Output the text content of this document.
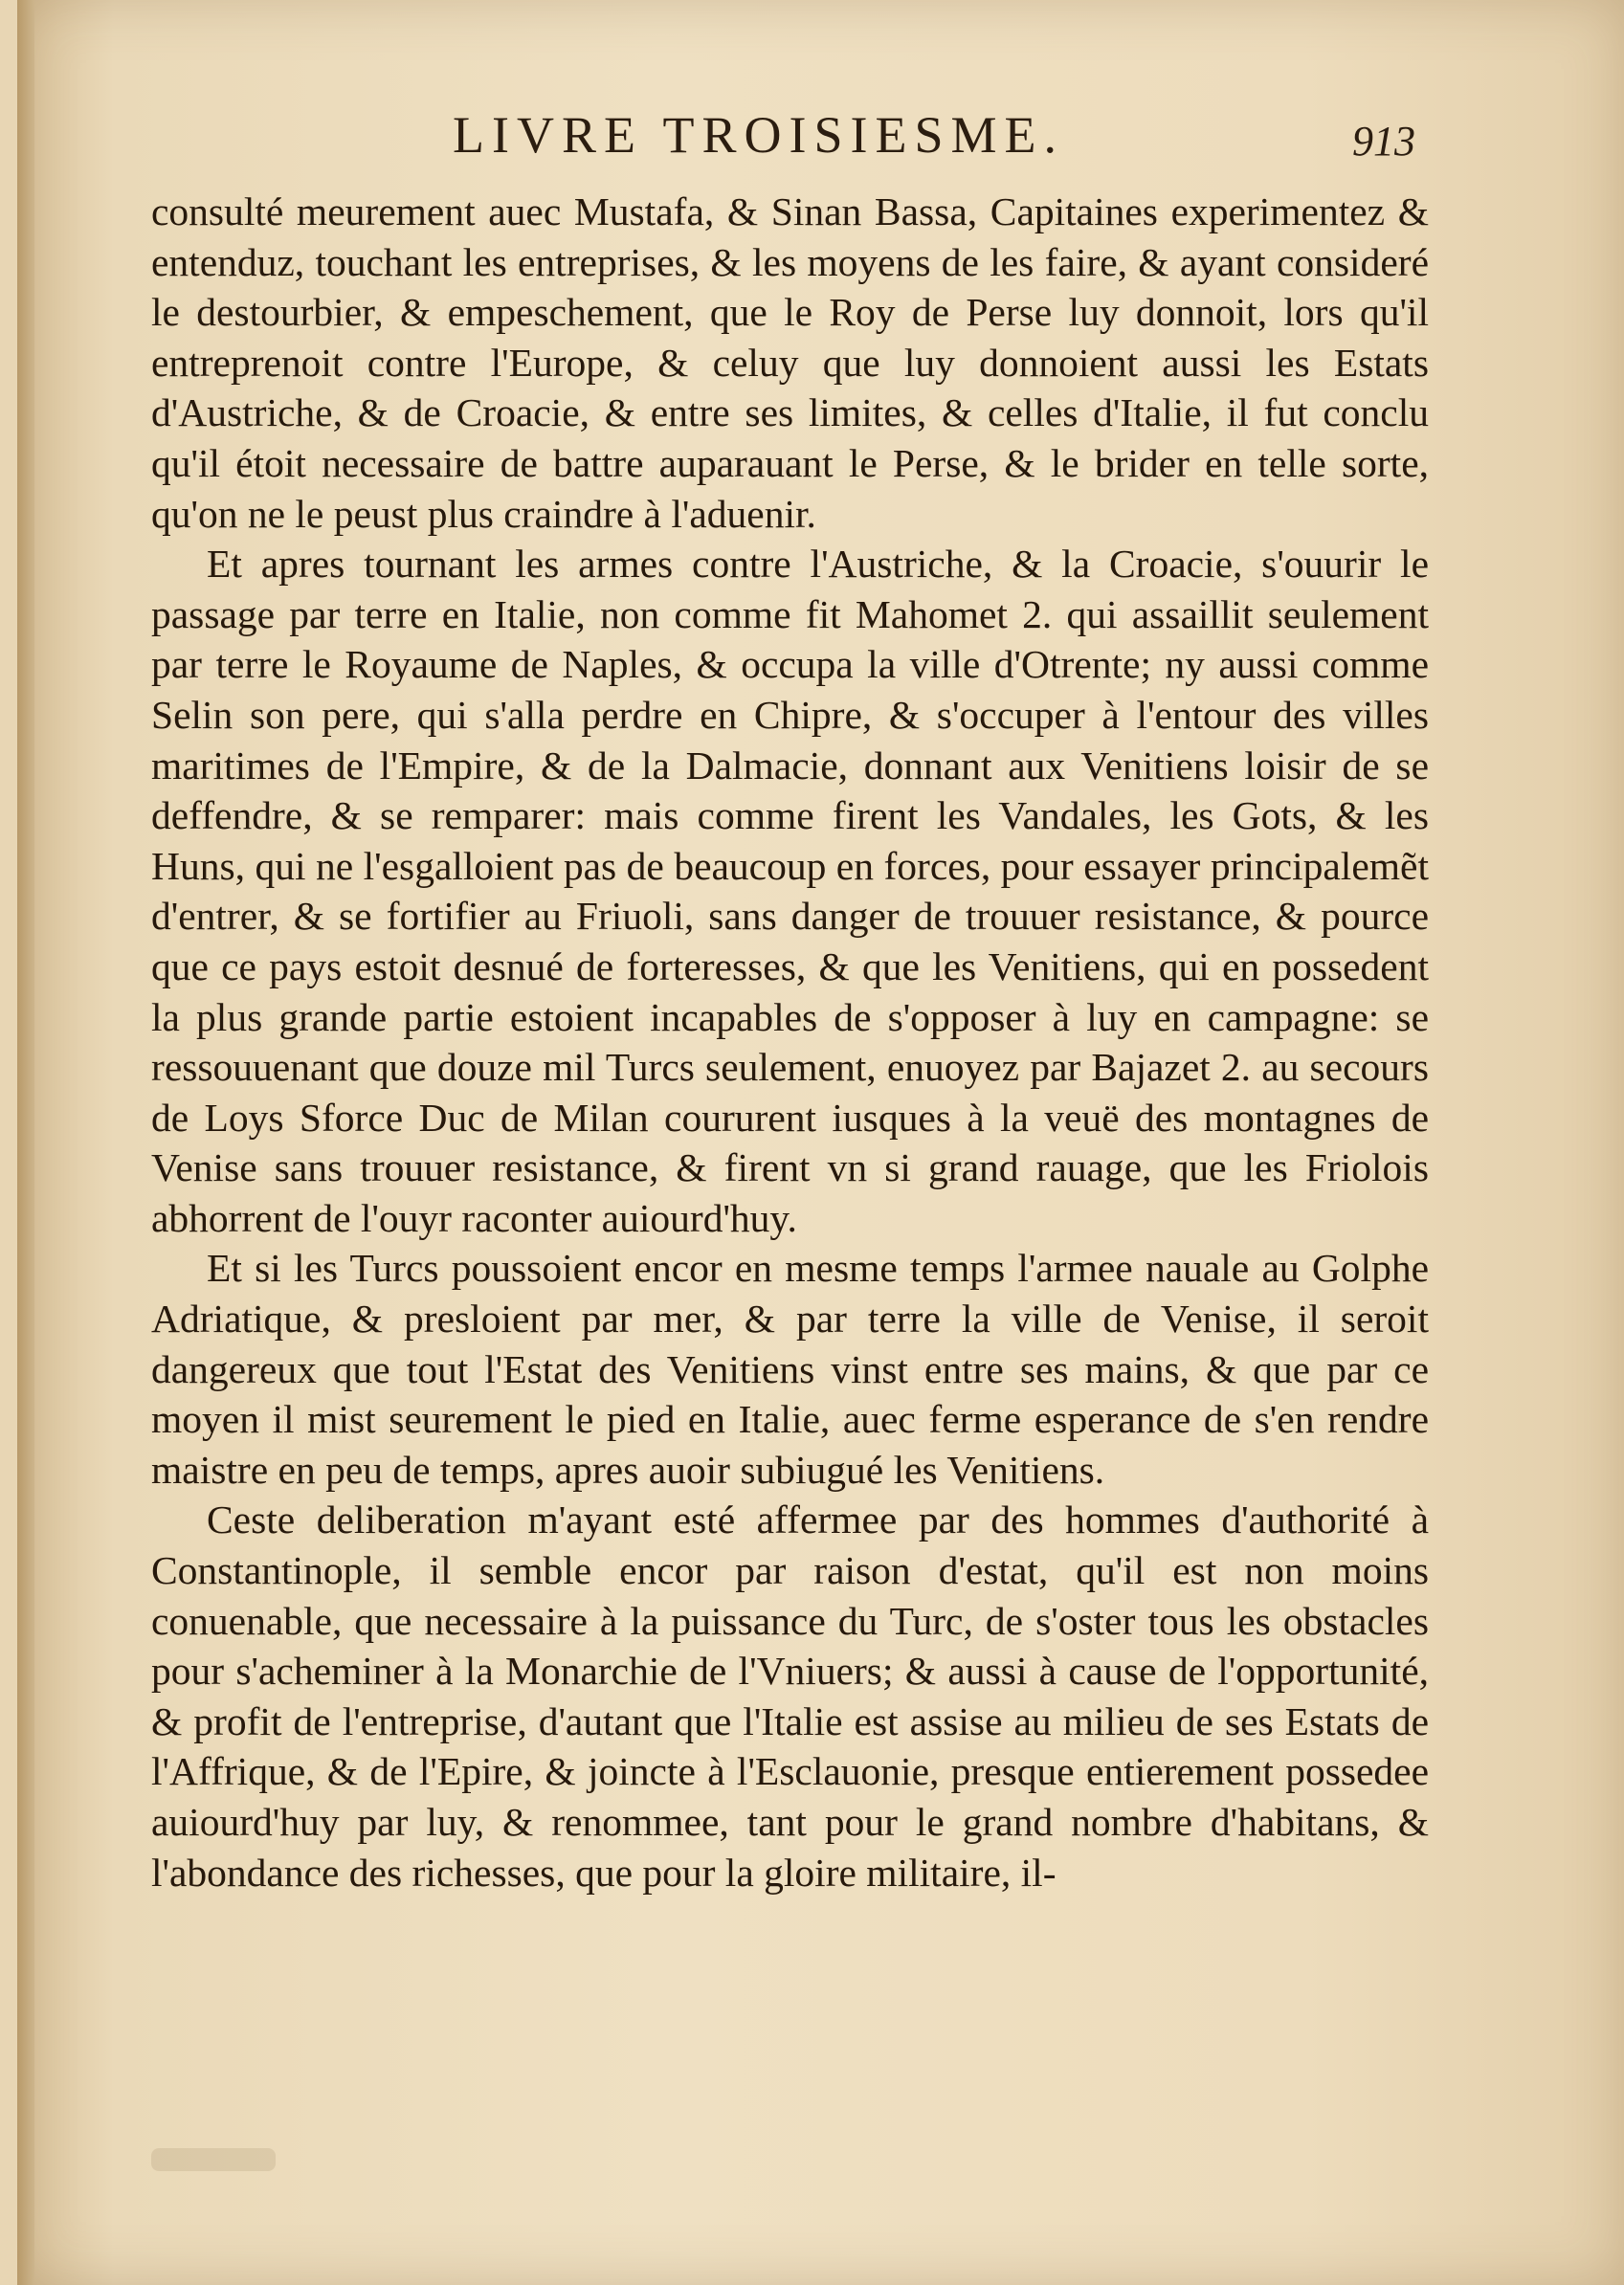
LIVRE TROISIESME.	913

consulté meurement auec Mustafa, & Sinan Bassa, Capitaines experimentez & entenduz, touchant les entreprises, & les moyens de les faire, & ayant consideré le destourbier, & empeschement, que le Roy de Perse luy donnoit, lors qu'il entreprenoit contre l'Europe, & celuy que luy donnoient aussi les Estats d'Austriche, & de Croacie, & entre ses limites, & celles d'Italie, il fut conclu qu'il étoit necessaire de battre auparauant le Perse, & le brider en telle sorte, qu'on ne le peust plus craindre à l'aduenir.

Et apres tournant les armes contre l'Austriche, & la Croacie, s'ouurir le passage par terre en Italie, non comme fit Mahomet 2. qui assaillit seulement par terre le Royaume de Naples, & occupa la ville d'Otrente; ny aussi comme Selin son pere, qui s'alla perdre en Chipre, & s'occuper à l'entour des villes maritimes de l'Empire, & de la Dalmacie, donnant aux Venitiens loisir de se deffendre, & se remparer: mais comme firent les Vandales, les Gots, & les Huns, qui ne l'esgalloient pas de beaucoup en forces, pour essayer principalemẽt d'entrer, & se fortifier au Friuoli, sans danger de trouuer resistance, & pource que ce pays estoit desnué de forteresses, & que les Venitiens, qui en possedent la plus grande partie estoient incapables de s'opposer à luy en campagne: se ressouuenant que douze mil Turcs seulement, enuoyez par Bajazet 2. au secours de Loys Sforce Duc de Milan coururent iusques à la veuë des montagnes de Venise sans trouuer resistance, & firent vn si grand rauage, que les Friolois abhorrent de l'ouyr raconter auiourd'huy.

Et si les Turcs poussoient encor en mesme temps l'armee nauale au Golphe Adriatique, & presloient par mer, & par terre la ville de Venise, il seroit dangereux que tout l'Estat des Venitiens vinst entre ses mains, & que par ce moyen il mist seurement le pied en Italie, auec ferme esperance de s'en rendre maistre en peu de temps, apres auoir subiugué les Venitiens.

Ceste deliberation m'ayant esté affermee par des hommes d'authorité à Constantinople, il semble encor par raison d'estat, qu'il est non moins conuenable, que necessaire à la puissance du Turc, de s'oster tous les obstacles pour s'acheminer à la Monarchie de l'Vniuers; & aussi à cause de l'opportunité, & profit de l'entreprise, d'autant que l'Italie est assise au milieu de ses Estats de l'Affrique, & de l'Epire, & joincte à l'Esclauonie, presque entierement possedee auiourd'huy par luy, & renommee, tant pour le grand nombre d'habitans, & l'abondance des richesses, que pour la gloire militaire, il-
